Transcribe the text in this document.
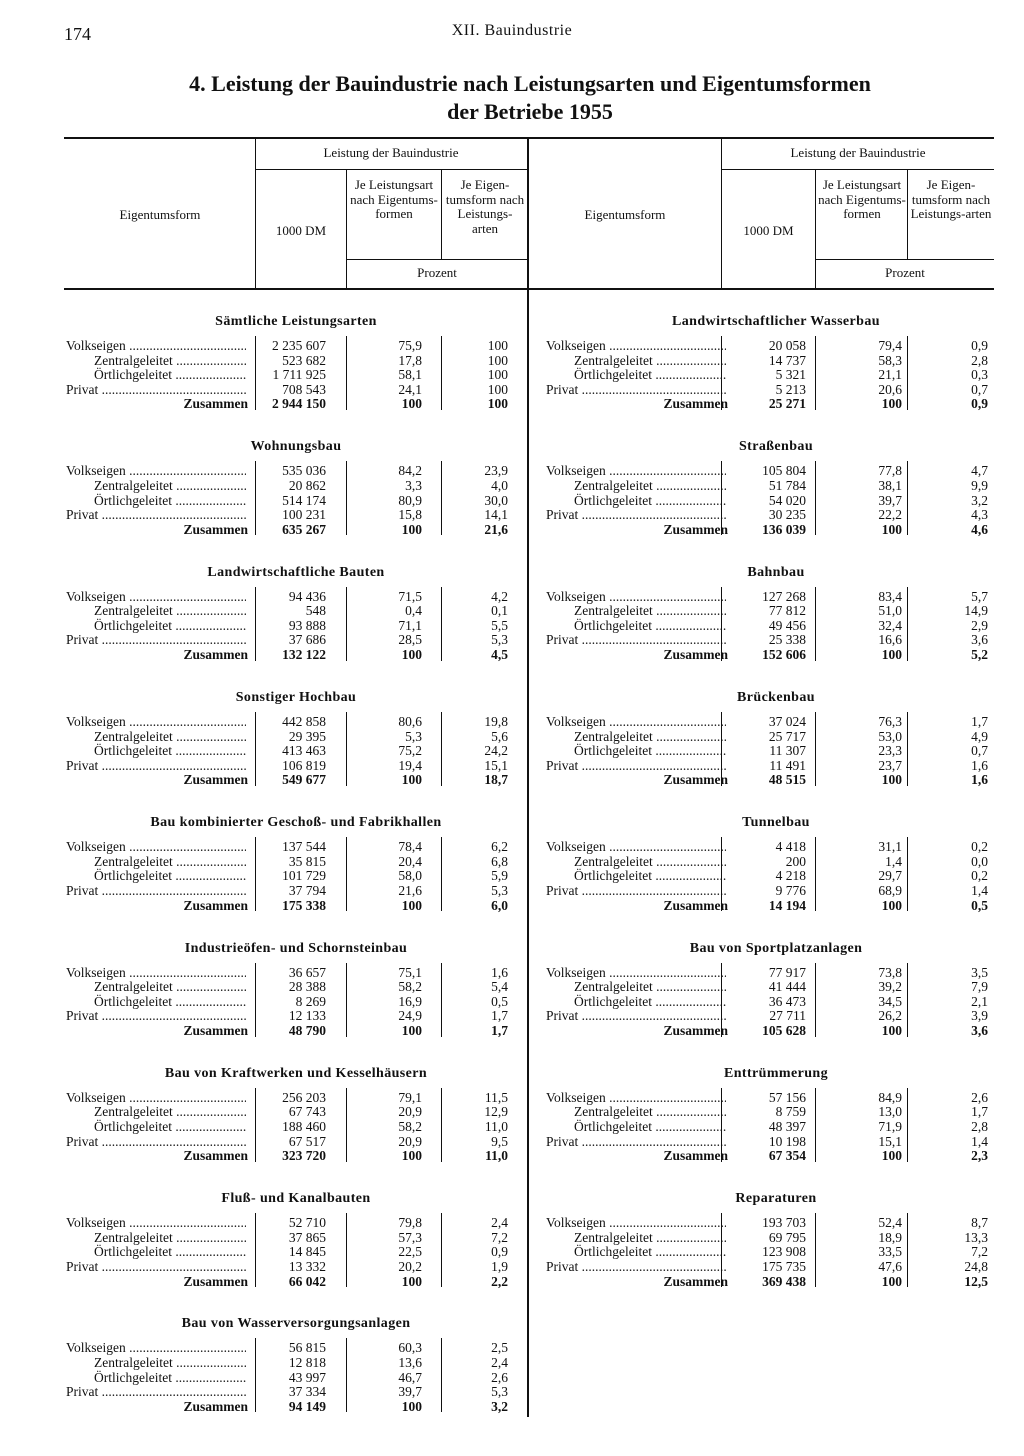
174	XII. Bauindustrie
4. Leistung der Bauindustrie nach Leistungsarten und Eigentumsformen
der Betriebe 1955
Eigentumsform
Leistung der Bauindustrie
1000 DM
Je Leistungsart nach Eigentums-formen
Je Eigen-tumsform nach Leistungs-arten
Prozent
Eigentumsform
Leistung der Bauindustrie
1000 DM
Je Leistungsart nach Eigentums-formen
Je Eigen-tumsform nach Leistungs-arten
Prozent
Sämtliche Leistungsarten
Volkseigen .....	2 235 607	75,9	100
Zentralgeleitet .....	523 682	17,8	100
Örtlichgeleitet .....	1 711 925	58,1	100
Privat .....	708 543	24,1	100
Zusammen	2 944 150	100	100
Wohnungsbau
Volkseigen .....	535 036	84,2	23,9
Zentralgeleitet .....	20 862	3,3	4,0
Örtlichgeleitet .....	514 174	80,9	30,0
Privat .....	100 231	15,8	14,1
Zusammen	635 267	100	21,6
Landwirtschaftliche Bauten
Volkseigen .....	94 436	71,5	4,2
Zentralgeleitet .....	548	0,4	0,1
Örtlichgeleitet .....	93 888	71,1	5,5
Privat .....	37 686	28,5	5,3
Zusammen	132 122	100	4,5
Sonstiger Hochbau
Volkseigen .....	442 858	80,6	19,8
Zentralgeleitet .....	29 395	5,3	5,6
Örtlichgeleitet .....	413 463	75,2	24,2
Privat .....	106 819	19,4	15,1
Zusammen	549 677	100	18,7
Bau kombinierter Geschoß- und Fabrikhallen
Volkseigen .....	137 544	78,4	6,2
Zentralgeleitet .....	35 815	20,4	6,8
Örtlichgeleitet .....	101 729	58,0	5,9
Privat .....	37 794	21,6	5,3
Zusammen	175 338	100	6,0
Industrieöfen- und Schornsteinbau
Volkseigen .....	36 657	75,1	1,6
Zentralgeleitet .....	28 388	58,2	5,4
Örtlichgeleitet .....	8 269	16,9	0,5
Privat .....	12 133	24,9	1,7
Zusammen	48 790	100	1,7
Bau von Kraftwerken und Kesselhäusern
Volkseigen .....	256 203	79,1	11,5
Zentralgeleitet .....	67 743	20,9	12,9
Örtlichgeleitet .....	188 460	58,2	11,0
Privat .....	67 517	20,9	9,5
Zusammen	323 720	100	11,0
Fluß- und Kanalbauten
Volkseigen .....	52 710	79,8	2,4
Zentralgeleitet .....	37 865	57,3	7,2
Örtlichgeleitet .....	14 845	22,5	0,9
Privat .....	13 332	20,2	1,9
Zusammen	66 042	100	2,2
Bau von Wasserversorgungsanlagen
Volkseigen .....	56 815	60,3	2,5
Zentralgeleitet .....	12 818	13,6	2,4
Örtlichgeleitet .....	43 997	46,7	2,6
Privat .....	37 334	39,7	5,3
Zusammen	94 149	100	3,2
Landwirtschaftlicher Wasserbau
Volkseigen .....	20 058	79,4	0,9
Zentralgeleitet .....	14 737	58,3	2,8
Örtlichgeleitet .....	5 321	21,1	0,3
Privat .....	5 213	20,6	0,7
Zusammen	25 271	100	0,9
Straßenbau
Volkseigen .....	105 804	77,8	4,7
Zentralgeleitet .....	51 784	38,1	9,9
Örtlichgeleitet .....	54 020	39,7	3,2
Privat .....	30 235	22,2	4,3
Zusammen	136 039	100	4,6
Bahnbau
Volkseigen .....	127 268	83,4	5,7
Zentralgeleitet .....	77 812	51,0	14,9
Örtlichgeleitet .....	49 456	32,4	2,9
Privat .....	25 338	16,6	3,6
Zusammen	152 606	100	5,2
Brückenbau
Volkseigen .....	37 024	76,3	1,7
Zentralgeleitet .....	25 717	53,0	4,9
Örtlichgeleitet .....	11 307	23,3	0,7
Privat .....	11 491	23,7	1,6
Zusammen	48 515	100	1,6
Tunnelbau
Volkseigen .....	4 418	31,1	0,2
Zentralgeleitet .....	200	1,4	0,0
Örtlichgeleitet .....	4 218	29,7	0,2
Privat .....	9 776	68,9	1,4
Zusammen	14 194	100	0,5
Bau von Sportplatzanlagen
Volkseigen .....	77 917	73,8	3,5
Zentralgeleitet .....	41 444	39,2	7,9
Örtlichgeleitet .....	36 473	34,5	2,1
Privat .....	27 711	26,2	3,9
Zusammen	105 628	100	3,6
Enttrümmerung
Volkseigen .....	57 156	84,9	2,6
Zentralgeleitet .....	8 759	13,0	1,7
Örtlichgeleitet .....	48 397	71,9	2,8
Privat .....	10 198	15,1	1,4
Zusammen	67 354	100	2,3
Reparaturen
Volkseigen .....	193 703	52,4	8,7
Zentralgeleitet .....	69 795	18,9	13,3
Örtlichgeleitet .....	123 908	33,5	7,2
Privat .....	175 735	47,6	24,8
Zusammen	369 438	100	12,5
